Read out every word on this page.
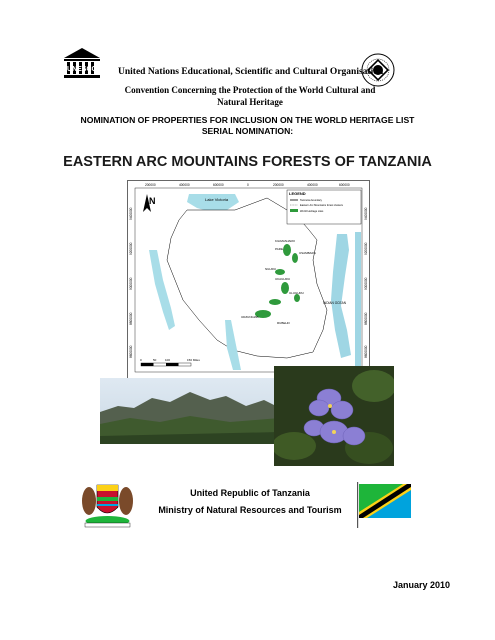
UNESCO United Nations Educational, Scientific and Cultural Organisation
Convention Concerning the Protection of the World Cultural and Natural Heritage
NOMINATION OF PROPERTIES FOR INCLUSION ON THE WORLD HERITAGE LIST
SERIAL NOMINATION:
EASTERN ARC MOUNTAINS FORESTS OF TANZANIA
200000	400000	600000	0	200000	400000	600000
9400000
9200000
9000000
8800000
8600000
9400000
9200000
9000000
8800000
8600000
N	Lake Victoria
INDIAN OCEAN
KILIMANJARO
PARE
USAMBARA
NGURU
UKAGURU
ULUGURU
UDZUNGWA
RUBEHO
LEGEND
Tanzania boundary
Eastern Arc Mountains forest clusters
World Heritage sites
0	50	100	150 Miles
United Republic of Tanzania
Ministry of Natural Resources and Tourism
January 2010
